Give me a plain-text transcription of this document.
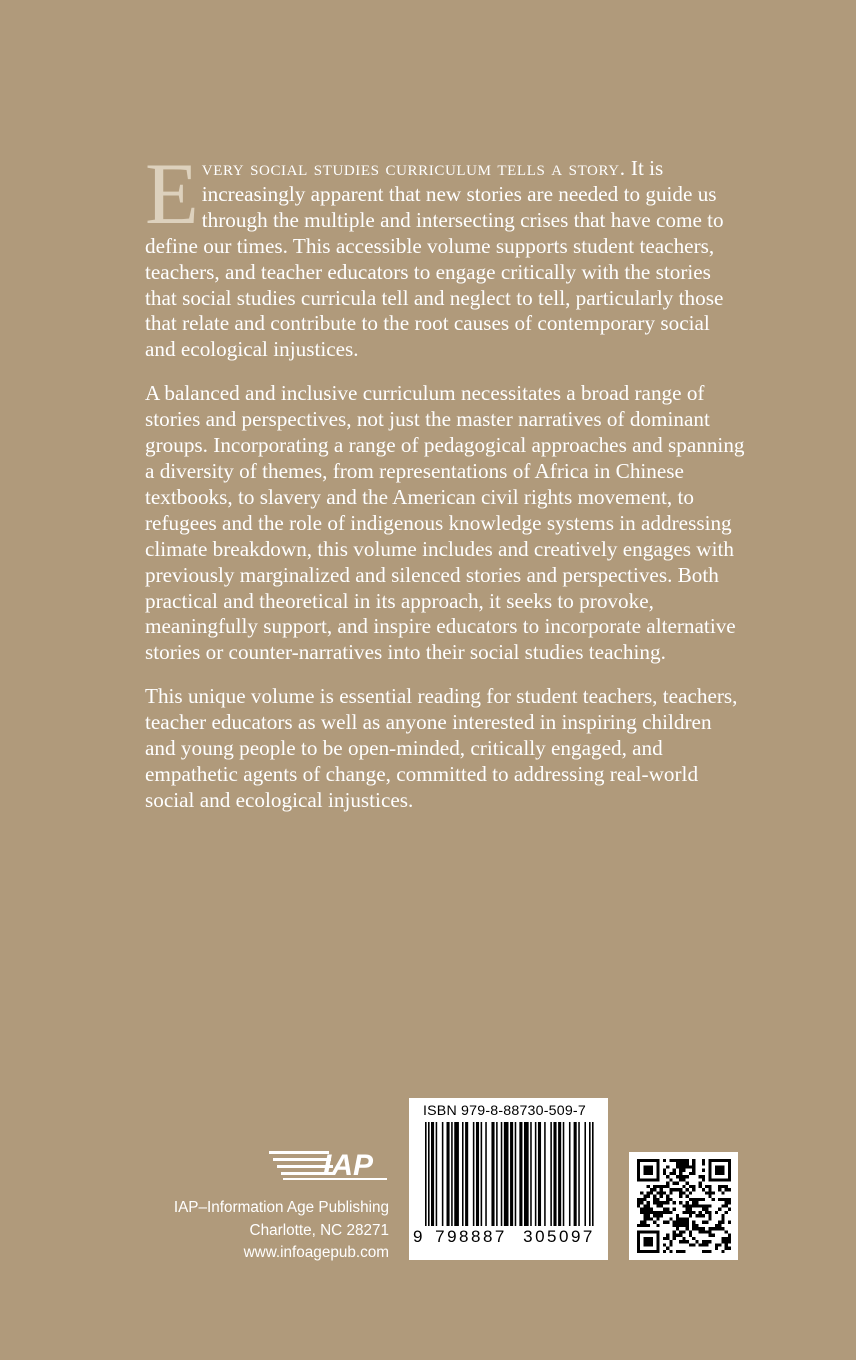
Every social studies curriculum tells a story. It is increasingly apparent that new stories are needed to guide us through the multiple and intersecting crises that have come to define our times. This accessible volume supports student teachers, teachers, and teacher educators to engage critically with the stories that social studies curricula tell and neglect to tell, particularly those that relate and contribute to the root causes of contemporary social and ecological injustices.

A balanced and inclusive curriculum necessitates a broad range of stories and perspectives, not just the master narratives of dominant groups. Incorporating a range of pedagogical approaches and spanning a diversity of themes, from representations of Africa in Chinese textbooks, to slavery and the American civil rights movement, to refugees and the role of indigenous knowledge systems in addressing climate breakdown, this volume includes and creatively engages with previously marginalized and silenced stories and perspectives. Both practical and theoretical in its approach, it seeks to provoke, meaningfully support, and inspire educators to incorporate alternative stories or counter-narratives into their social studies teaching.

This unique volume is essential reading for student teachers, teachers, teacher educators as well as anyone interested in inspiring children and young people to be open-minded, critically engaged, and empathetic agents of change, committed to addressing real-world social and ecological injustices.

IAP
IAP–Information Age Publishing
Charlotte, NC 28271
www.infoagepub.com
ISBN 979-8-88730-509-7
9 798887 305097
